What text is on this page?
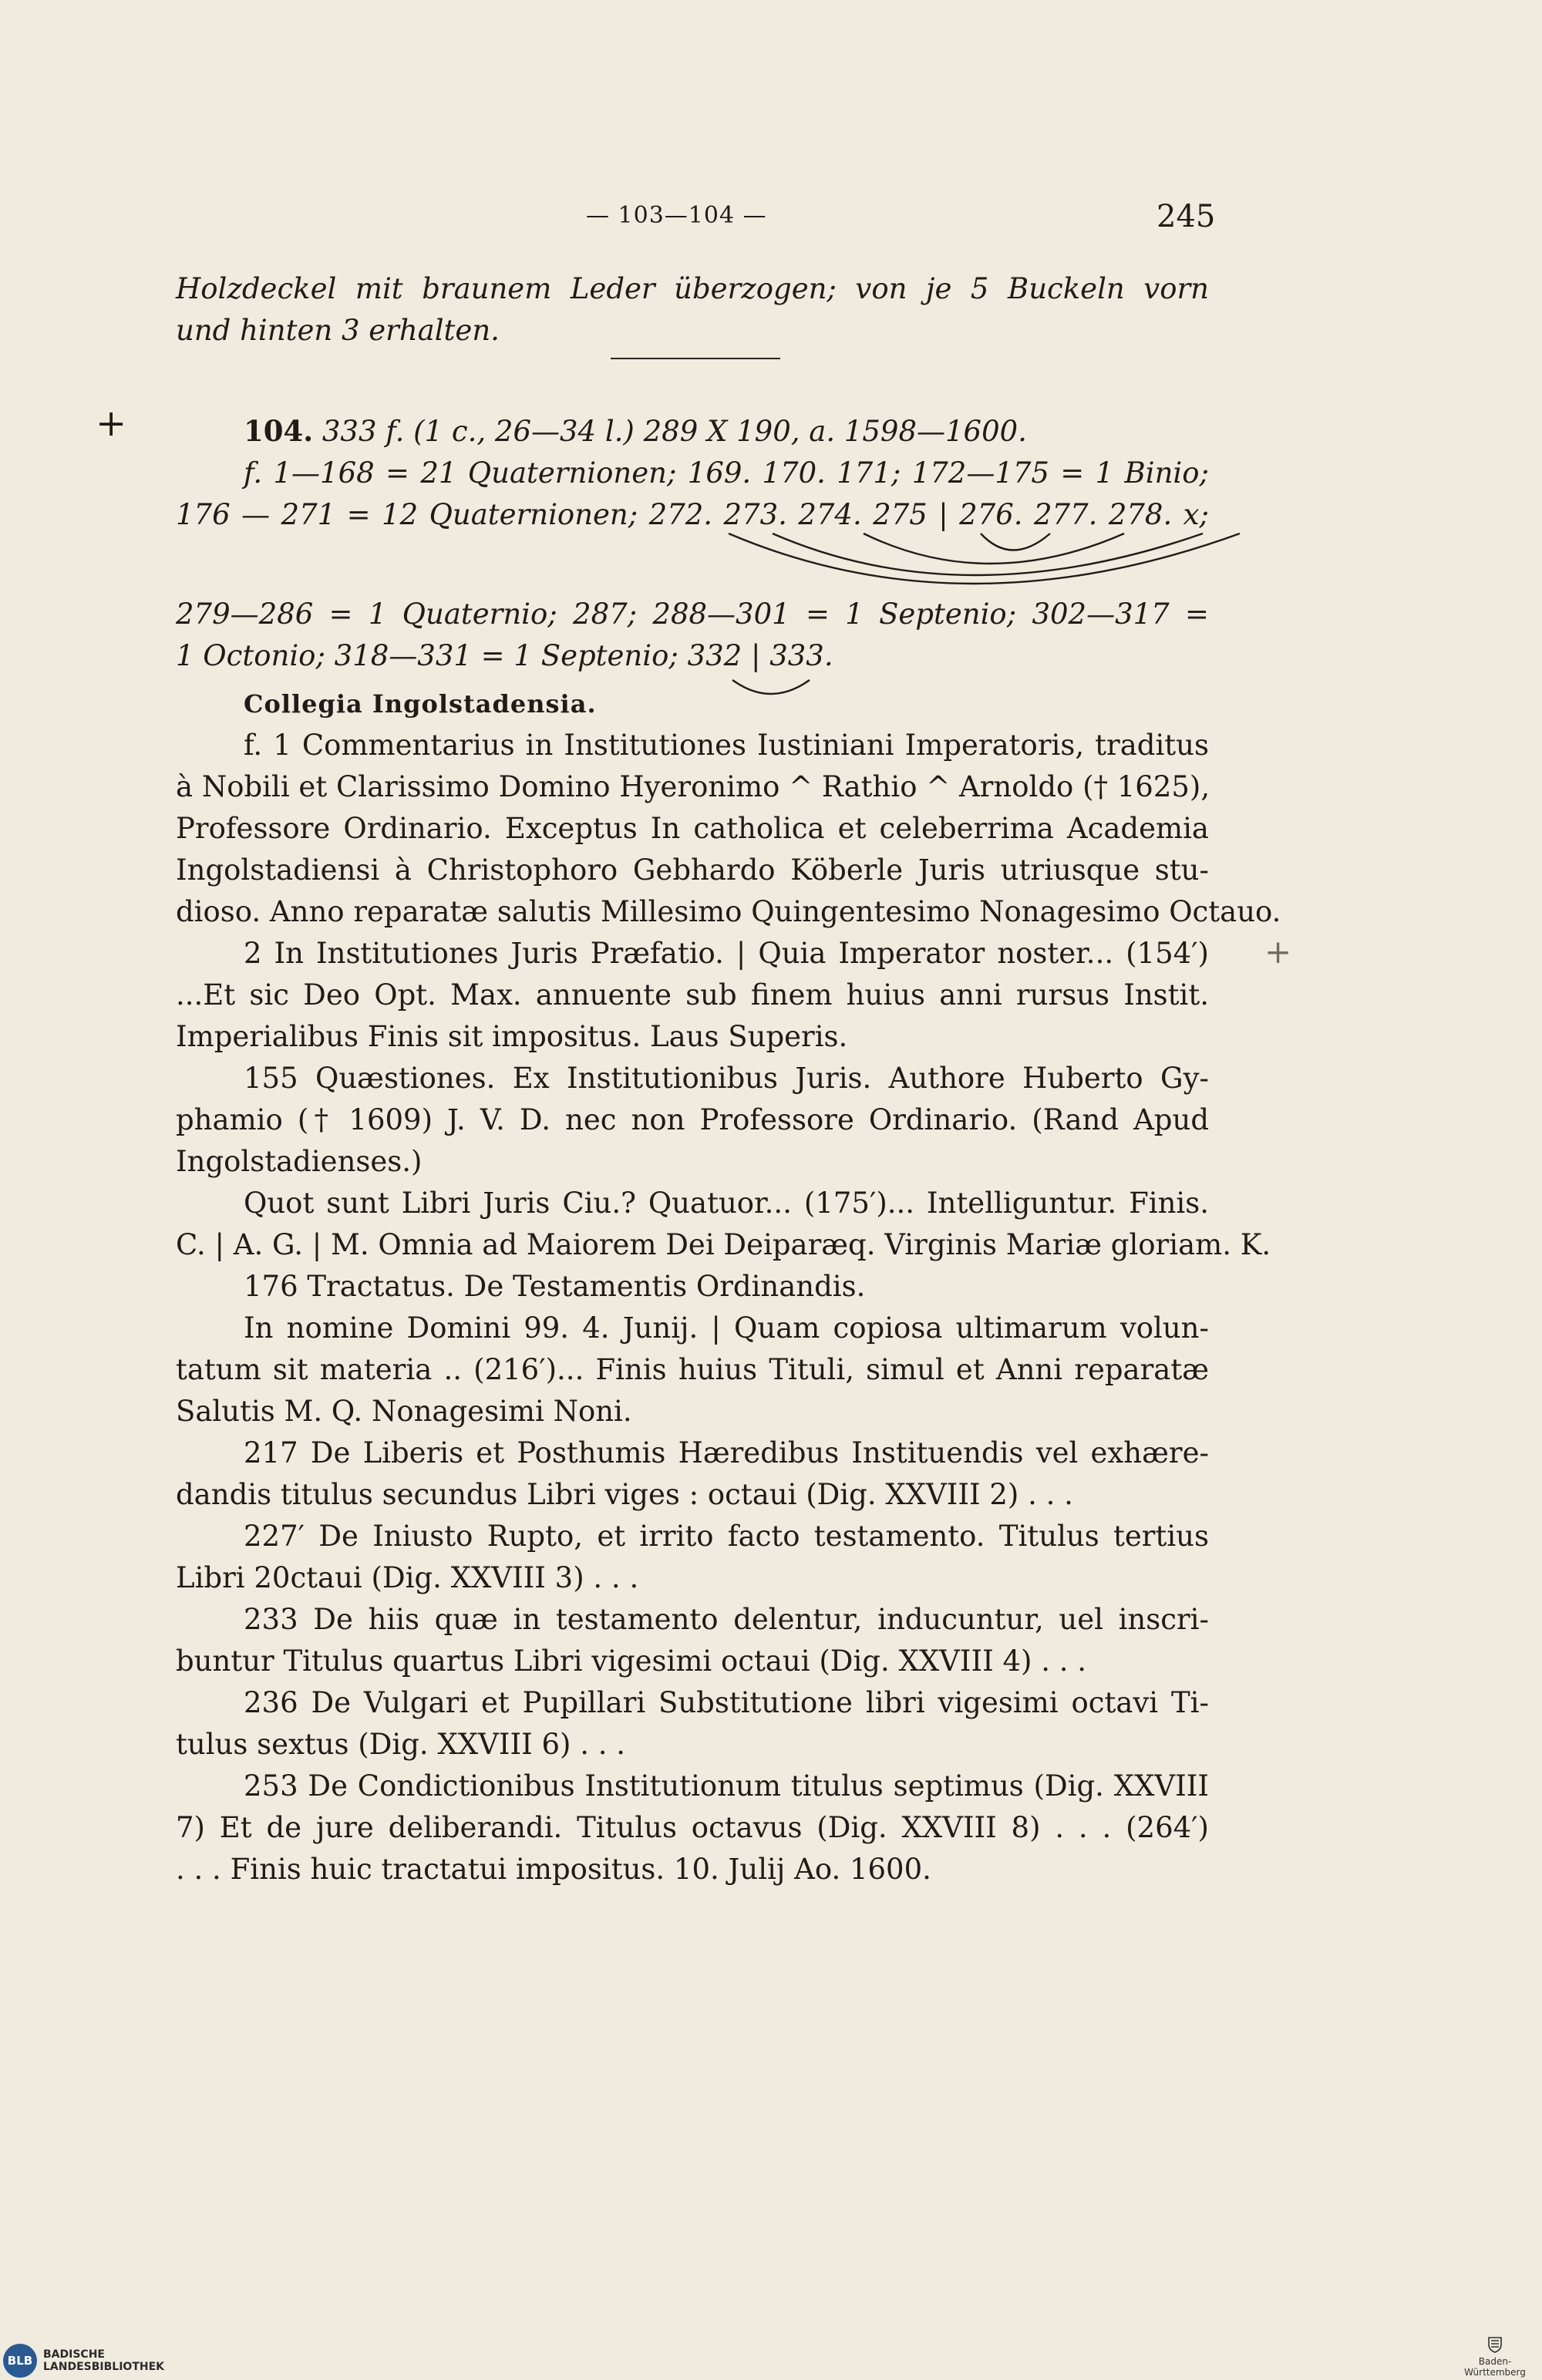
— 103—104 —	245
Holzdeckel mit braunem Leder überzogen; von je 5 Buckeln vorn
und hinten 3 erhalten.
+
+
104. 333 f. (1 c., 26—34 l.) 289 X 190, a. 1598—1600.
f. 1—168 = 21 Quaternionen; 169. 170. 171; 172—175 = 1 Binio;
176 — 271 = 12 Quaternionen; 272. 273. 274. 275 | 276. 277. 278. x;
279—286 = 1 Quaternio; 287; 288—301 = 1 Septenio; 302—317 =
1 Octonio; 318—331 = 1 Septenio; 332 | 333.
Collegia Ingolstadensia.

f. 1 Commentarius in Institutiones Iustiniani Imperatoris, traditus
à Nobili et Clarissimo Domino Hyeronimo ^ Rathio ^ Arnoldo († 1625),
Professore Ordinario. Exceptus In catholica et celeberrima Academia
Ingolstadiensi à Christophoro Gebhardo Köberle Juris utriusque stu-
dioso. Anno reparatæ salutis Millesimo Quingentesimo Nonagesimo Octauo.

2 In Institutiones Juris Præfatio. | Quia Imperator noster... (154′)
...Et sic Deo Opt. Max. annuente sub finem huius anni rursus Instit.
Imperialibus Finis sit impositus. Laus Superis.

155 Quæstiones. Ex Institutionibus Juris. Authore Huberto Gy-
phamio († 1609) J. V. D. nec non Professore Ordinario. (Rand Apud
Ingolstadienses.)

Quot sunt Libri Juris Ciu.? Quatuor... (175′)... Intelliguntur. Finis.
C. | A. G. | M. Omnia ad Maiorem Dei Deiparæq. Virginis Mariæ gloriam. K.

176 Tractatus. De Testamentis Ordinandis.

In nomine Domini 99. 4. Junij. | Quam copiosa ultimarum volun-
tatum sit materia .. (216′)... Finis huius Tituli, simul et Anni reparatæ
Salutis M. Q. Nonagesimi Noni.

217 De Liberis et Posthumis Hæredibus Instituendis vel exhære-
dandis titulus secundus Libri viges : octaui (Dig. XXVIII 2) . . .

227′ De Iniusto Rupto, et irrito facto testamento. Titulus tertius
Libri 20ctaui (Dig. XXVIII 3) . . .

233 De hiis quæ in testamento delentur, inducuntur, uel inscri-
buntur Titulus quartus Libri vigesimi octaui (Dig. XXVIII 4) . . .

236 De Vulgari et Pupillari Substitutione libri vigesimi octavi Ti-
tulus sextus (Dig. XXVIII 6) . . .

253 De Condictionibus Institutionum titulus septimus (Dig. XXVIII
7) Et de jure deliberandi. Titulus octavus (Dig. XXVIII 8) . . . (264′)
. . . Finis huic tractatui impositus. 10. Julij Ao. 1600.

BLB BADISCHE
LANDESBIBLIOTHEK	Baden-Württemberg
